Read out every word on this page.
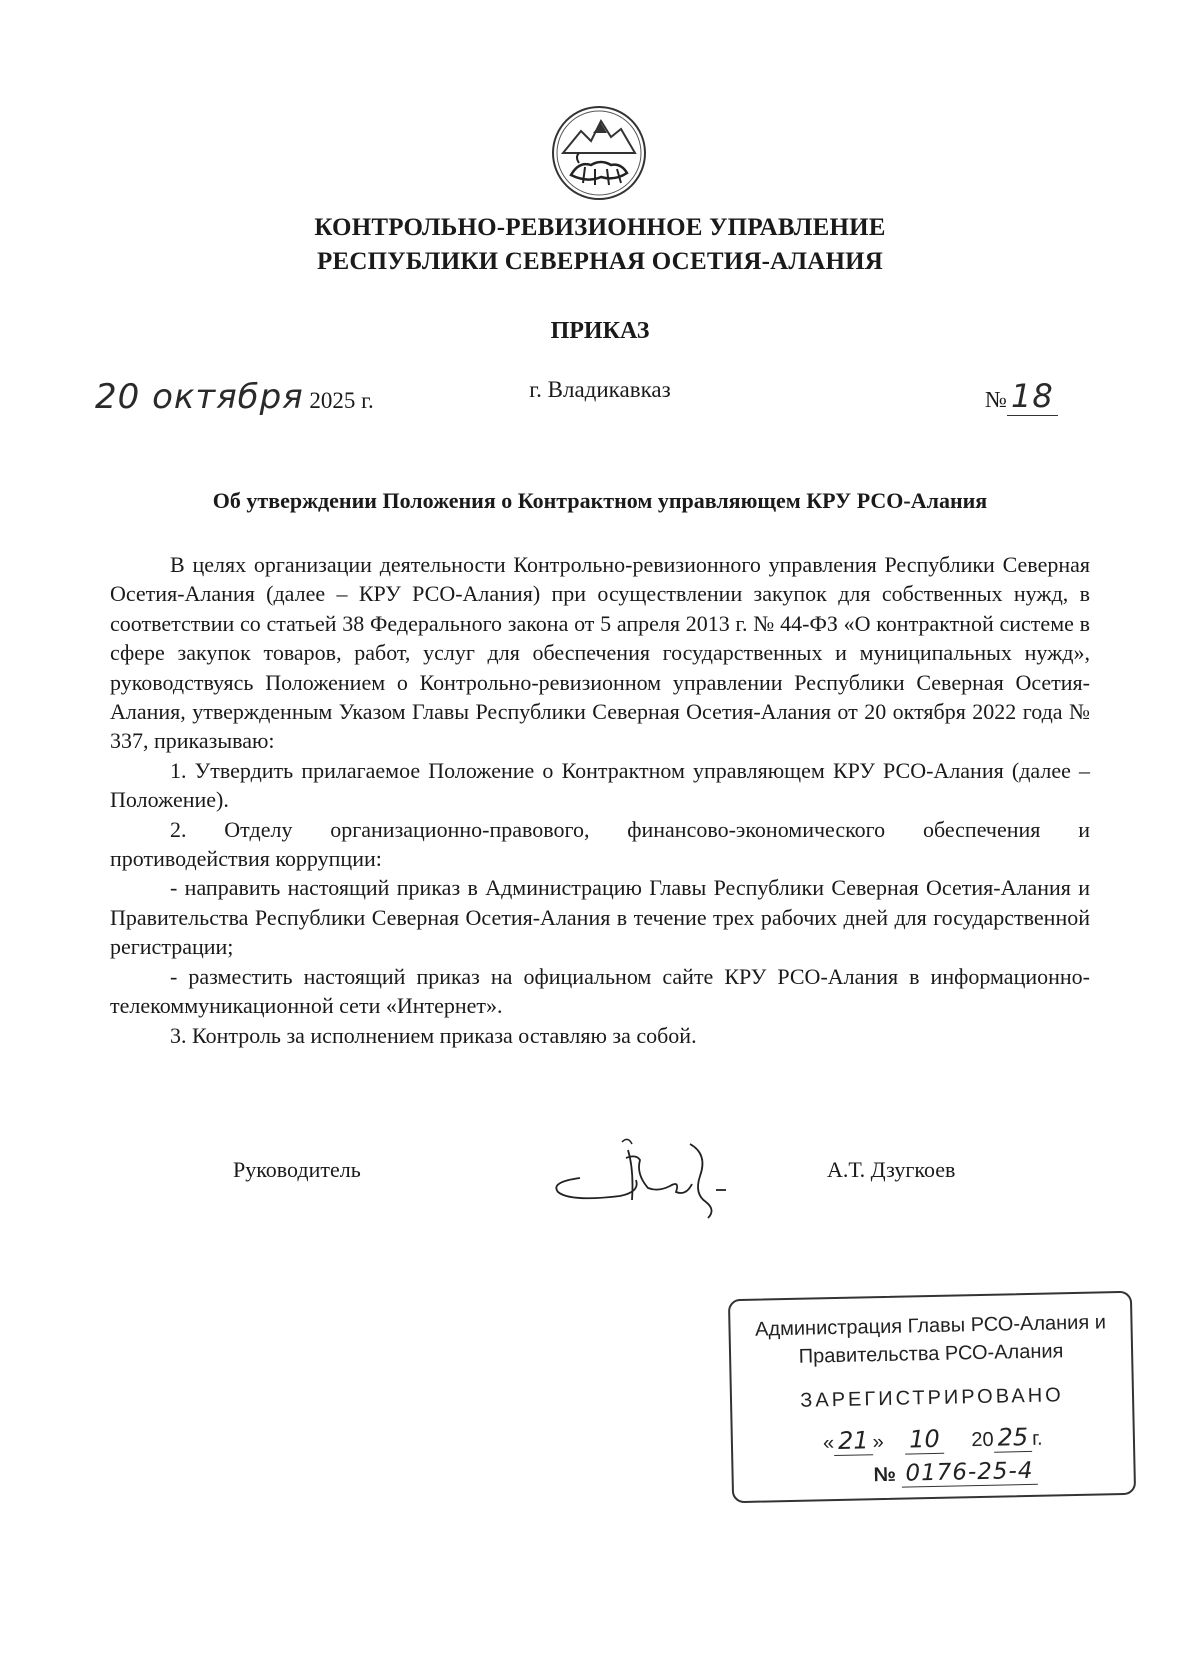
КОНТРОЛЬНО-РЕВИЗИОННОЕ УПРАВЛЕНИЕ
РЕСПУБЛИКИ СЕВЕРНАЯ ОСЕТИЯ-АЛАНИЯ
ПРИКАЗ
20 октября 2025 г.	г. Владикавказ	№ 18
Об утверждении Положения о Контрактном управляющем КРУ РСО-Алания

В целях организации деятельности Контрольно-ревизионного управления Республики Северная Осетия-Алания (далее – КРУ РСО-Алания) при осуществлении закупок для собственных нужд, в соответствии со статьей 38 Федерального закона от 5 апреля 2013 г. № 44-ФЗ «О контрактной системе в сфере закупок товаров, работ, услуг для обеспечения государственных и муниципальных нужд», руководствуясь Положением о Контрольно-ревизионном управлении Республики Северная Осетия-Алания, утвержденным Указом Главы Республики Северная Осетия-Алания от 20 октября 2022 года № 337, приказываю:

1. Утвердить прилагаемое Положение о Контрактном управляющем КРУ РСО-Алания (далее – Положение).

2. Отделу организационно-правового, финансово-экономического обеспечения и противодействия коррупции:

- направить настоящий приказ в Администрацию Главы Республики Северная Осетия-Алания и Правительства Республики Северная Осетия-Алания в течение трех рабочих дней для государственной регистрации;

- разместить настоящий приказ на официальном сайте КРУ РСО-Алания в информационно-телекоммуникационной сети «Интернет».

3. Контроль за исполнением приказа оставляю за собой.

Руководитель	А.Т. Дзугкоев
Администрация Главы РСО-Алания и
Правительства РСО-Алания
ЗАРЕГИСТРИРОВАНО
« 21 » 10 20 25 г.
№ 0176-25-4
